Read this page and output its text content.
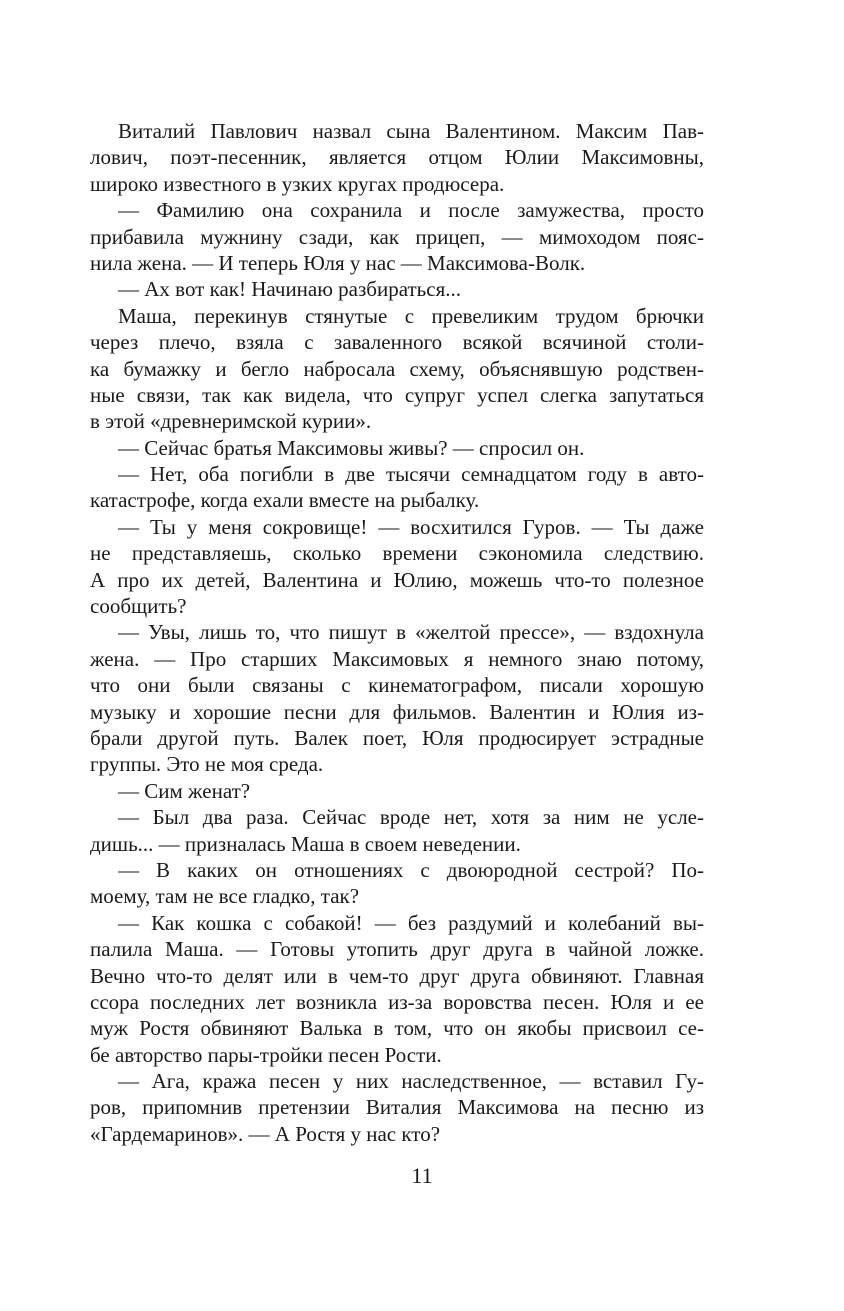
Виталий Павлович назвал сына Валентином. Максим Пав-
лович, поэт-песенник, является отцом Юлии Максимовны,
широко известного в узких кругах продюсера.
— Фамилию она сохранила и после замужества, просто
прибавила мужнину сзади, как прицеп, — мимоходом пояс-
нила жена. — И теперь Юля у нас — Максимова-Волк.
— Ах вот как! Начинаю разбираться...
Маша, перекинув стянутые с превеликим трудом брючки
через плечо, взяла с заваленного всякой всячиной столи-
ка бумажку и бегло набросала схему, объяснявшую родствен-
ные связи, так как видела, что супруг успел слегка запутаться
в этой «древнеримской курии».
— Сейчас братья Максимовы живы? — спросил он.
— Нет, оба погибли в две тысячи семнадцатом году в авто-
катастрофе, когда ехали вместе на рыбалку.
— Ты у меня сокровище! — восхитился Гуров. — Ты даже
не представляешь, сколько времени сэкономила следствию.
А про их детей, Валентина и Юлию, можешь что-то полезное
сообщить?
— Увы, лишь то, что пишут в «желтой прессе», — вздохнула
жена. — Про старших Максимовых я немного знаю потому,
что они были связаны с кинематографом, писали хорошую
музыку и хорошие песни для фильмов. Валентин и Юлия из-
брали другой путь. Валек поет, Юля продюсирует эстрадные
группы. Это не моя среда.
— Сим женат?
— Был два раза. Сейчас вроде нет, хотя за ним не усле-
дишь... — призналась Маша в своем неведении.
— В каких он отношениях с двоюродной сестрой? По-
моему, там не все гладко, так?
— Как кошка с собакой! — без раздумий и колебаний вы-
палила Маша. — Готовы утопить друг друга в чайной ложке.
Вечно что-то делят или в чем-то друг друга обвиняют. Главная
ссора последних лет возникла из-за воровства песен. Юля и ее
муж Ростя обвиняют Валька в том, что он якобы присвоил се-
бе авторство пары-тройки песен Рости.
— Ага, кража песен у них наследственное, — вставил Гу-
ров, припомнив претензии Виталия Максимова на песню из
«Гардемаринов». — А Ростя у нас кто?
11
